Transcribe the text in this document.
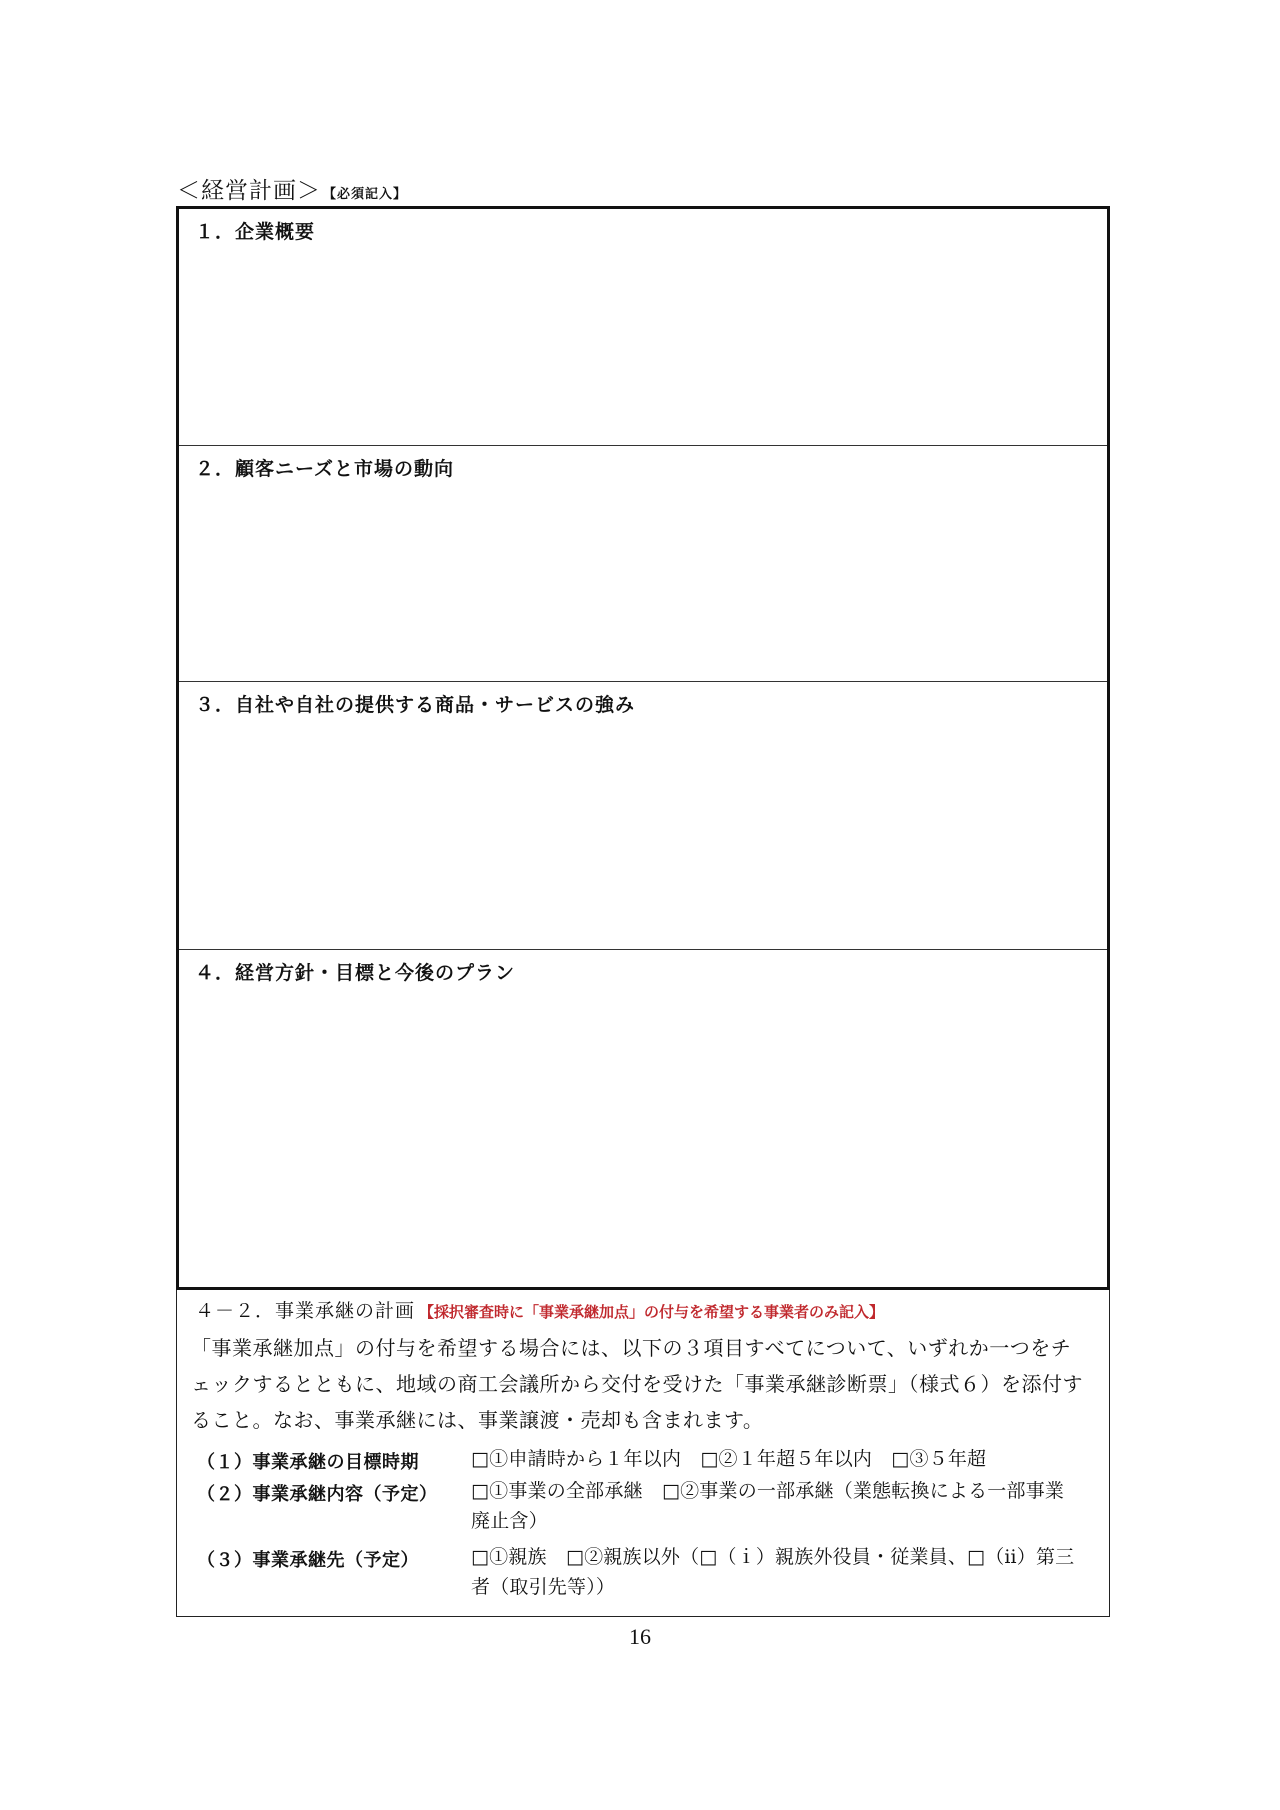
＜経営計画＞ 【必須記入】
１．企業概要
２．顧客ニーズと市場の動向
３．自社や自社の提供する商品・サービスの強み
４．経営方針・目標と今後のプラン
４－２．事業承継の計画 【採択審査時に「事業承継加点」の付与を希望する事業者のみ記入】

「事業承継加点」の付与を希望する場合には、以下の３項目すべてについて、いずれか一つをチェックするとともに、地域の商工会議所から交付を受けた「事業承継診断票」（様式６）を添付すること。なお、事業承継には、事業譲渡・売却も含まれます。

（１）事業承継の目標時期	□①申請時から１年以内　□②１年超５年以内　□③５年超
（２）事業承継内容（予定） □①事業の全部承継　□②事業の一部承継（業態転換による一部事業廃止含）
（３）事業承継先（予定）	□①親族　□②親族以外（□（ｉ）親族外役員・従業員、□（ⅱ）第三者（取引先等））
16
